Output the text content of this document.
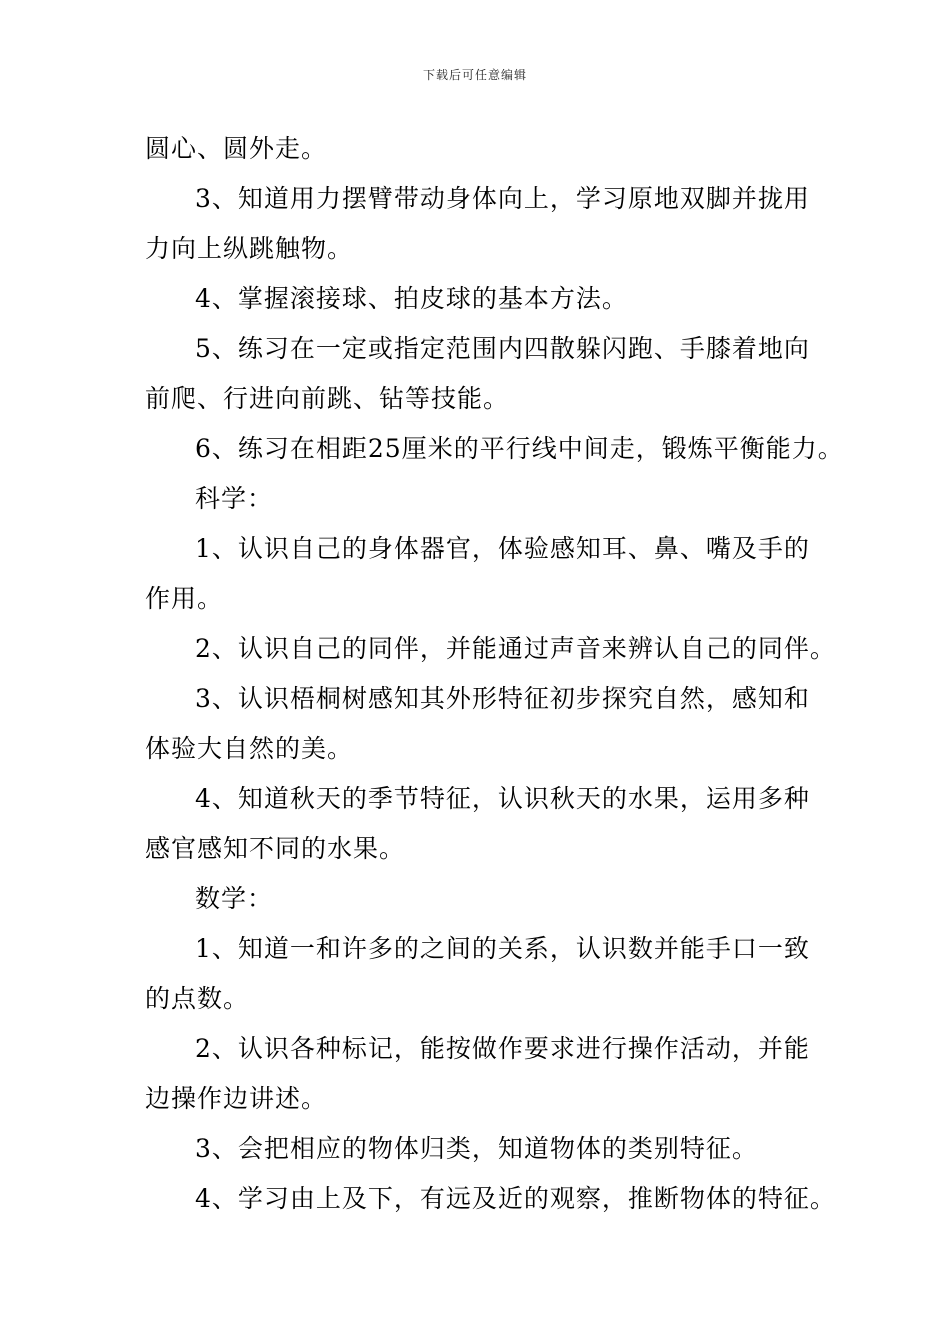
下载后可任意编辑
圆心、圆外走。
3、知道用力摆臂带动身体向上，学习原地双脚并拢用
力向上纵跳触物。
4、掌握滚接球、拍皮球的基本方法。
5、练习在一定或指定范围内四散躲闪跑、手膝着地向
前爬、行进向前跳、钻等技能。
6、练习在相距25厘米的平行线中间走，锻炼平衡能力。
科学：
1、认识自己的身体器官，体验感知耳、鼻、嘴及手的
作用。
2、认识自己的同伴，并能通过声音来辨认自己的同伴。
3、认识梧桐树感知其外形特征初步探究自然，感知和
体验大自然的美。
4、知道秋天的季节特征，认识秋天的水果，运用多种
感官感知不同的水果。
数学：
1、知道一和许多的之间的关系，认识数并能手口一致
的点数。
2、认识各种标记，能按做作要求进行操作活动，并能
边操作边讲述。
3、会把相应的物体归类，知道物体的类别特征。
4、学习由上及下，有远及近的观察，推断物体的特征。
